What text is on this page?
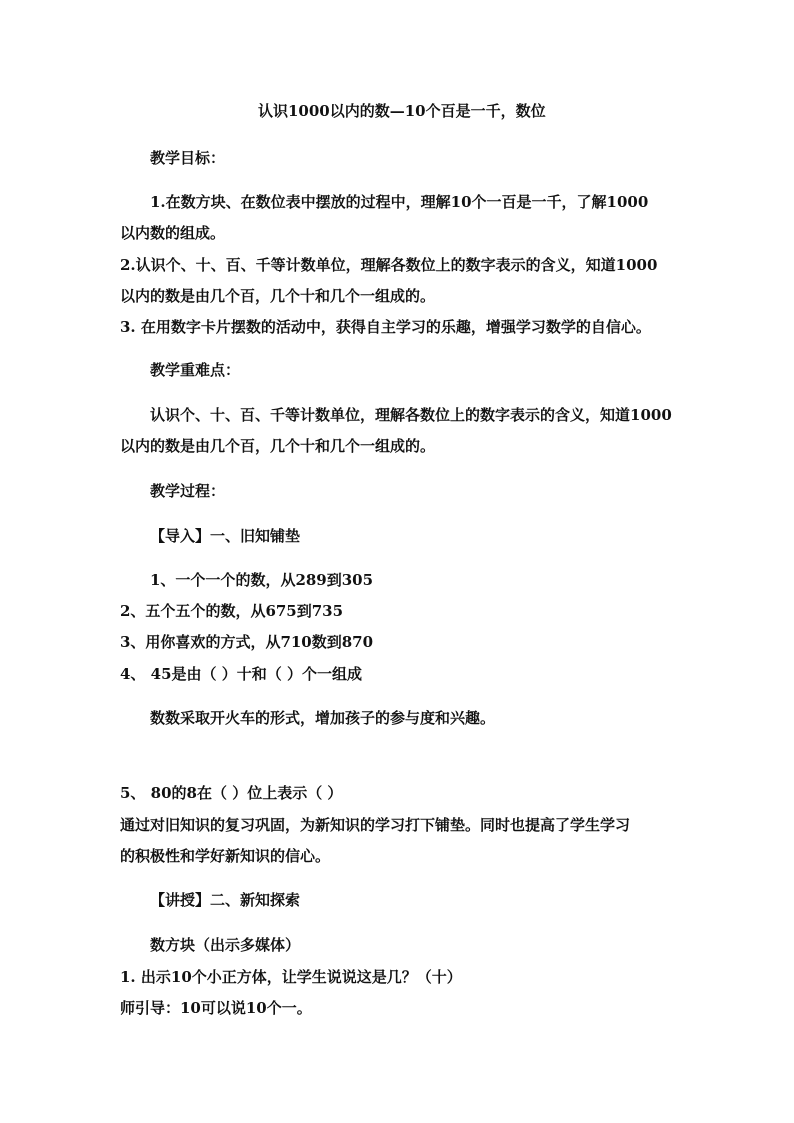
认识1000以内的数—10个百是一千，数位
教学目标：
1.在数方块、在数位表中摆放的过程中，理解10个一百是一千，了解1000
以内数的组成。
2.认识个、十、百、千等计数单位，理解各数位上的数字表示的含义，知道1000
以内的数是由几个百，几个十和几个一组成的。
3. 在用数字卡片摆数的活动中，获得自主学习的乐趣，增强学习数学的自信心。
教学重难点：
认识个、十、百、千等计数单位，理解各数位上的数字表示的含义，知道1000
以内的数是由几个百，几个十和几个一组成的。
教学过程：
【导入】一、旧知铺垫
1、一个一个的数，从289到305
2、五个五个的数，从675到735
3、用你喜欢的方式，从710数到870
4、 45是由（ ）十和（ ）个一组成
数数采取开火车的形式，增加孩子的参与度和兴趣。
5、 80的8在（ ）位上表示（ ）
通过对旧知识的复习巩固，为新知识的学习打下铺垫。同时也提高了学生学习
的积极性和学好新知识的信心。
【讲授】二、新知探索
数方块（出示多媒体）
1. 出示10个小正方体，让学生说说这是几？（十）
师引导：10可以说10个一。
